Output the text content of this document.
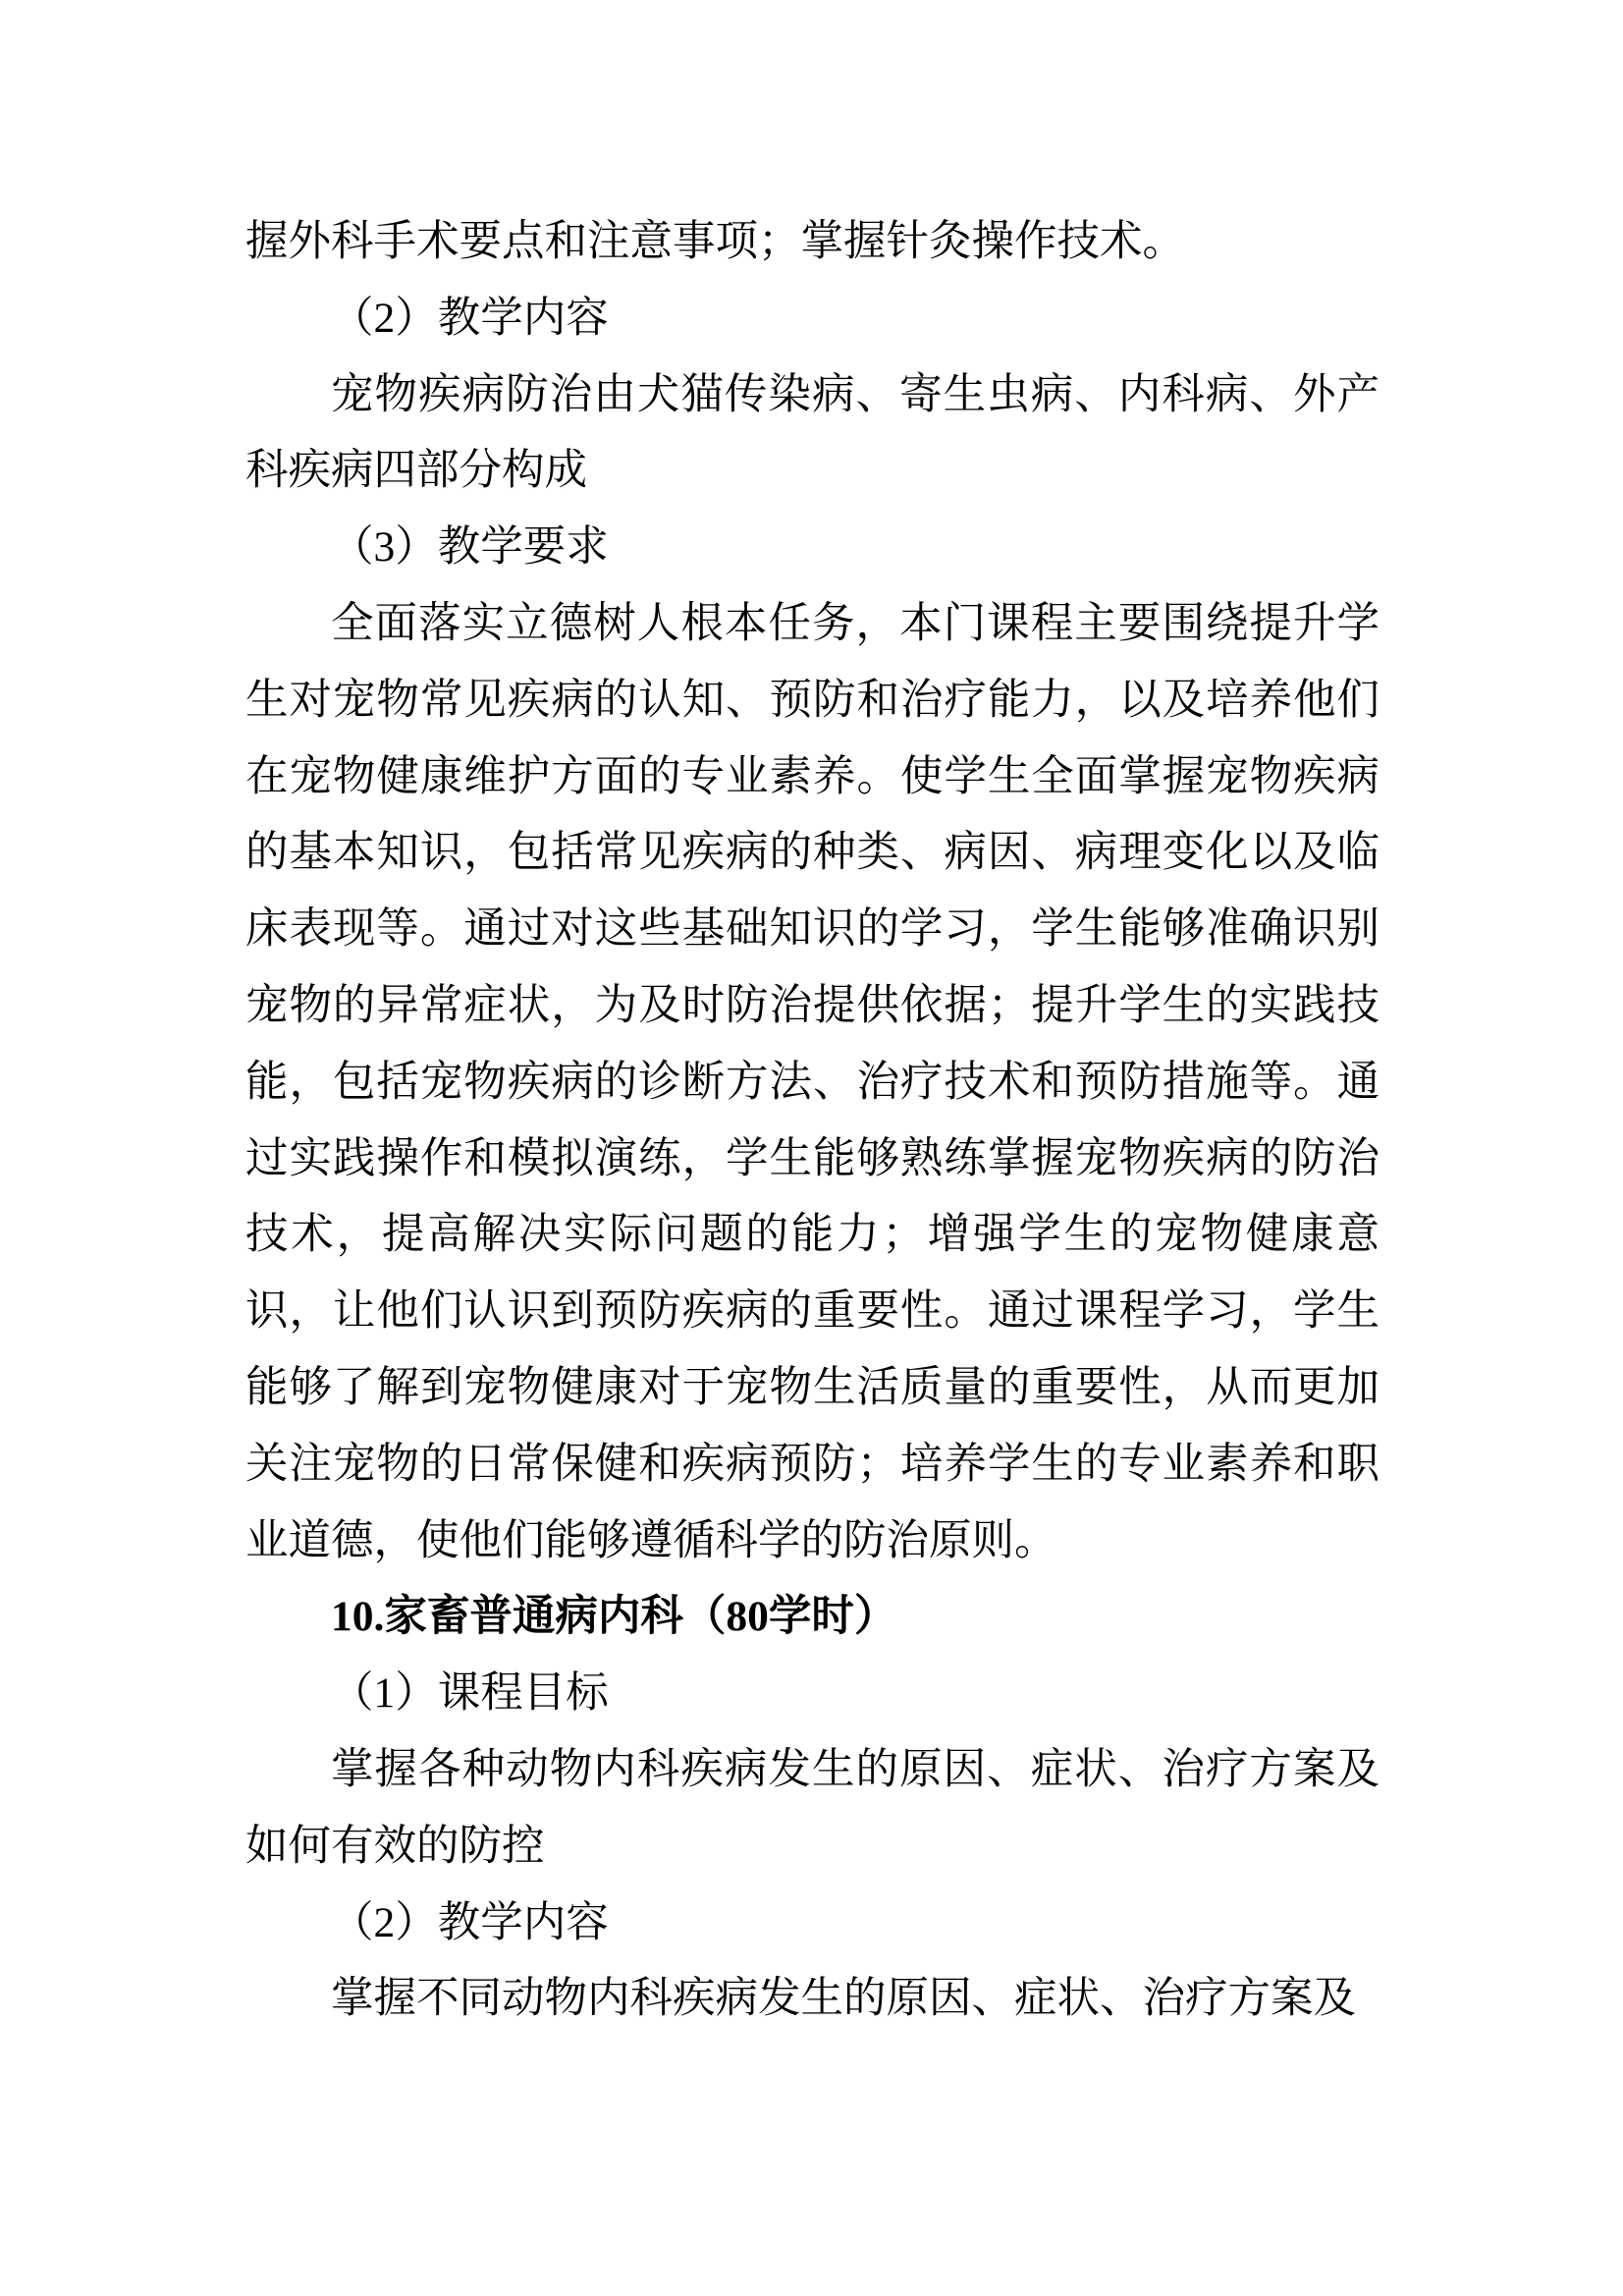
握外科手术要点和注意事项；掌握针灸操作技术。

（2）教学内容

宠物疾病防治由犬猫传染病、寄生虫病、内科病、外产科疾病四部分构成

（3）教学要求

全面落实立德树人根本任务，本门课程主要围绕提升学生对宠物常见疾病的认知、预防和治疗能力，以及培养他们在宠物健康维护方面的专业素养。使学生全面掌握宠物疾病的基本知识，包括常见疾病的种类、病因、病理变化以及临床表现等。通过对这些基础知识的学习，学生能够准确识别宠物的异常症状，为及时防治提供依据；提升学生的实践技能，包括宠物疾病的诊断方法、治疗技术和预防措施等。通过实践操作和模拟演练，学生能够熟练掌握宠物疾病的防治技术，提高解决实际问题的能力；增强学生的宠物健康意识，让他们认识到预防疾病的重要性。通过课程学习，学生能够了解到宠物健康对于宠物生活质量的重要性，从而更加关注宠物的日常保健和疾病预防；培养学生的专业素养和职业道德，使他们能够遵循科学的防治原则。

10.家畜普通病内科（80学时）

（1）课程目标

掌握各种动物内科疾病发生的原因、症状、治疗方案及如何有效的防控

（2）教学内容

掌握不同动物内科疾病发生的原因、症状、治疗方案及
